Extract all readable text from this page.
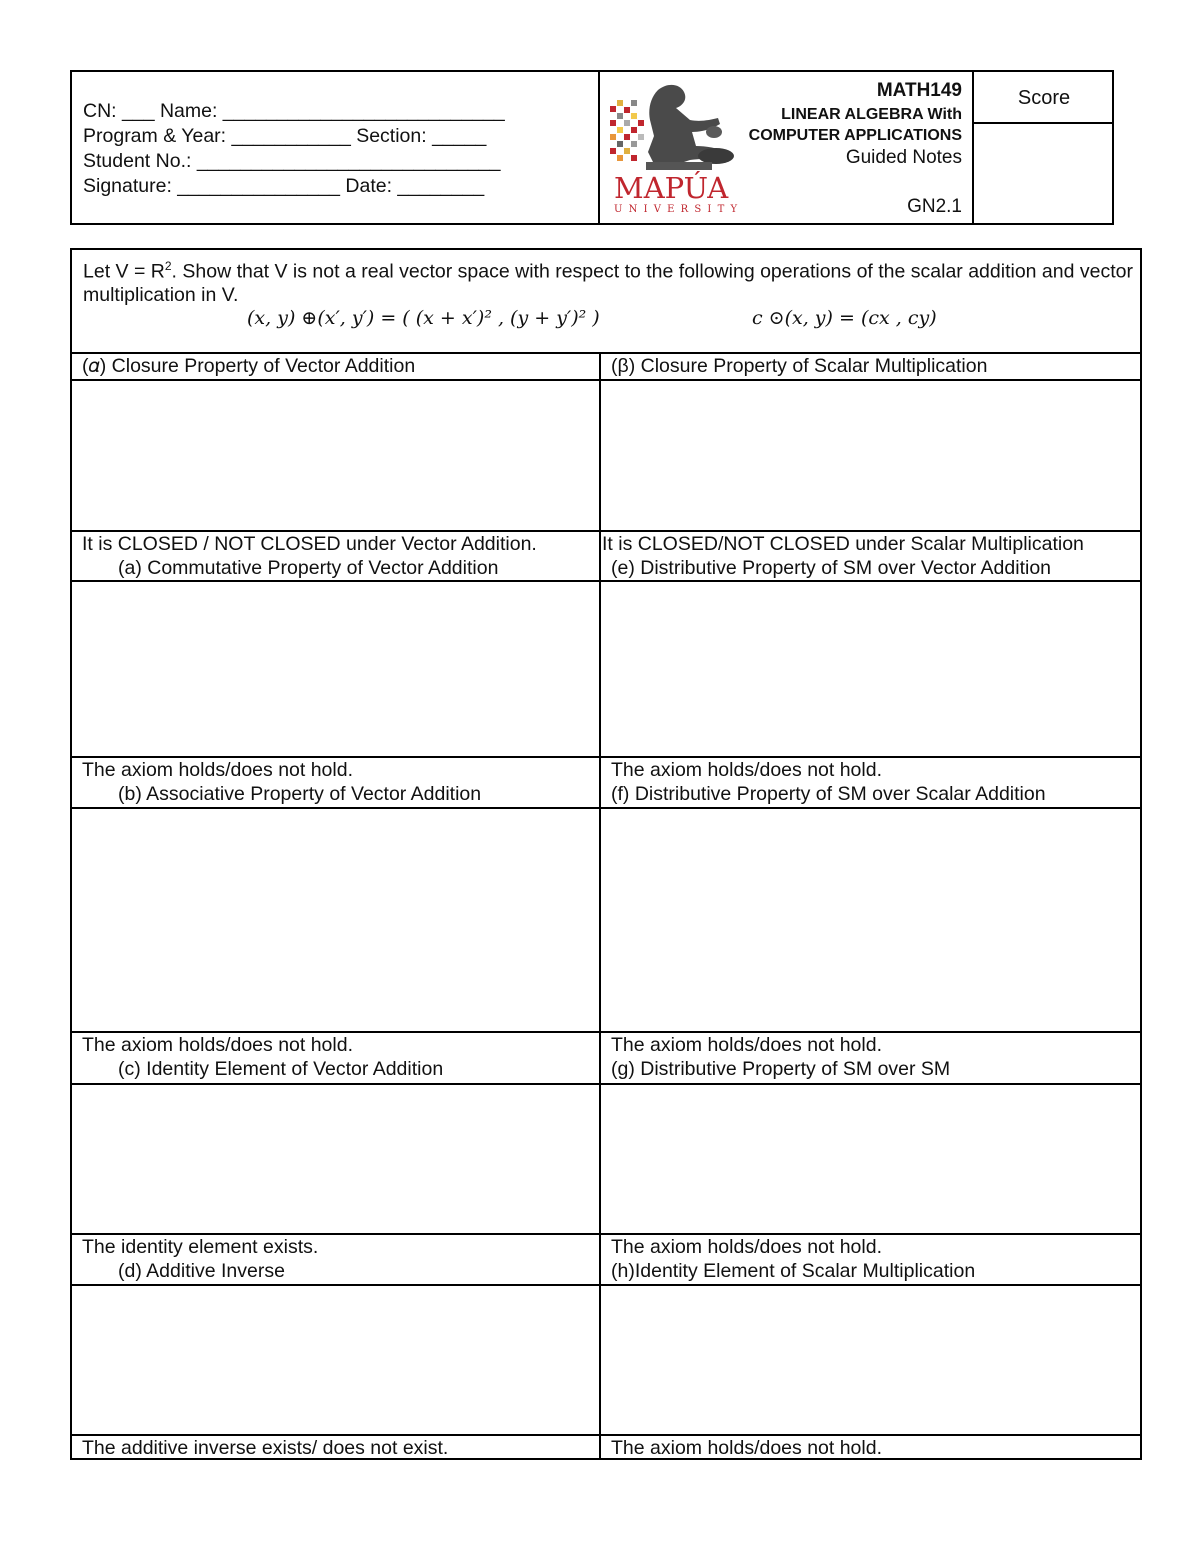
CN: ___ Name: __________________________
Program & Year: ___________ Section: _____
Student No.: ____________________________
Signature: _______________ Date: ________	MAPÚA
UNIVERSITY
MATH149
LINEAR ALGEBRA With
COMPUTER APPLICATIONS
Guided Notes
GN2.1
Score
Let $V = R^2$. Show that V is not a real vector space with respect to the following operations of the scalar addition and vector multiplication in V.
(x, y) ⊕(x′, y′) = ( (x + x′)² , (y + y′)² )	c ⊙(x, y) = (cx , cy)
(𝛼) Closure Property of Vector Addition
It is CLOSED / NOT CLOSED under Vector Addition.
(a) Commutative Property of Vector Addition
The axiom holds/does not hold.
(b) Associative Property of Vector Addition
The axiom holds/does not hold.
(c) Identity Element of Vector Addition
The identity element exists.
(d) Additive Inverse
The additive inverse exists/ does not exist.
(β) Closure Property of Scalar Multiplication
It is CLOSED/NOT CLOSED under Scalar Multiplication
(e) Distributive Property of SM over Vector Addition
The axiom holds/does not hold.
(f) Distributive Property of SM over Scalar Addition
The axiom holds/does not hold.
(g) Distributive Property of SM over SM
The axiom holds/does not hold.
(h)Identity Element of Scalar Multiplication
The axiom holds/does not hold.
